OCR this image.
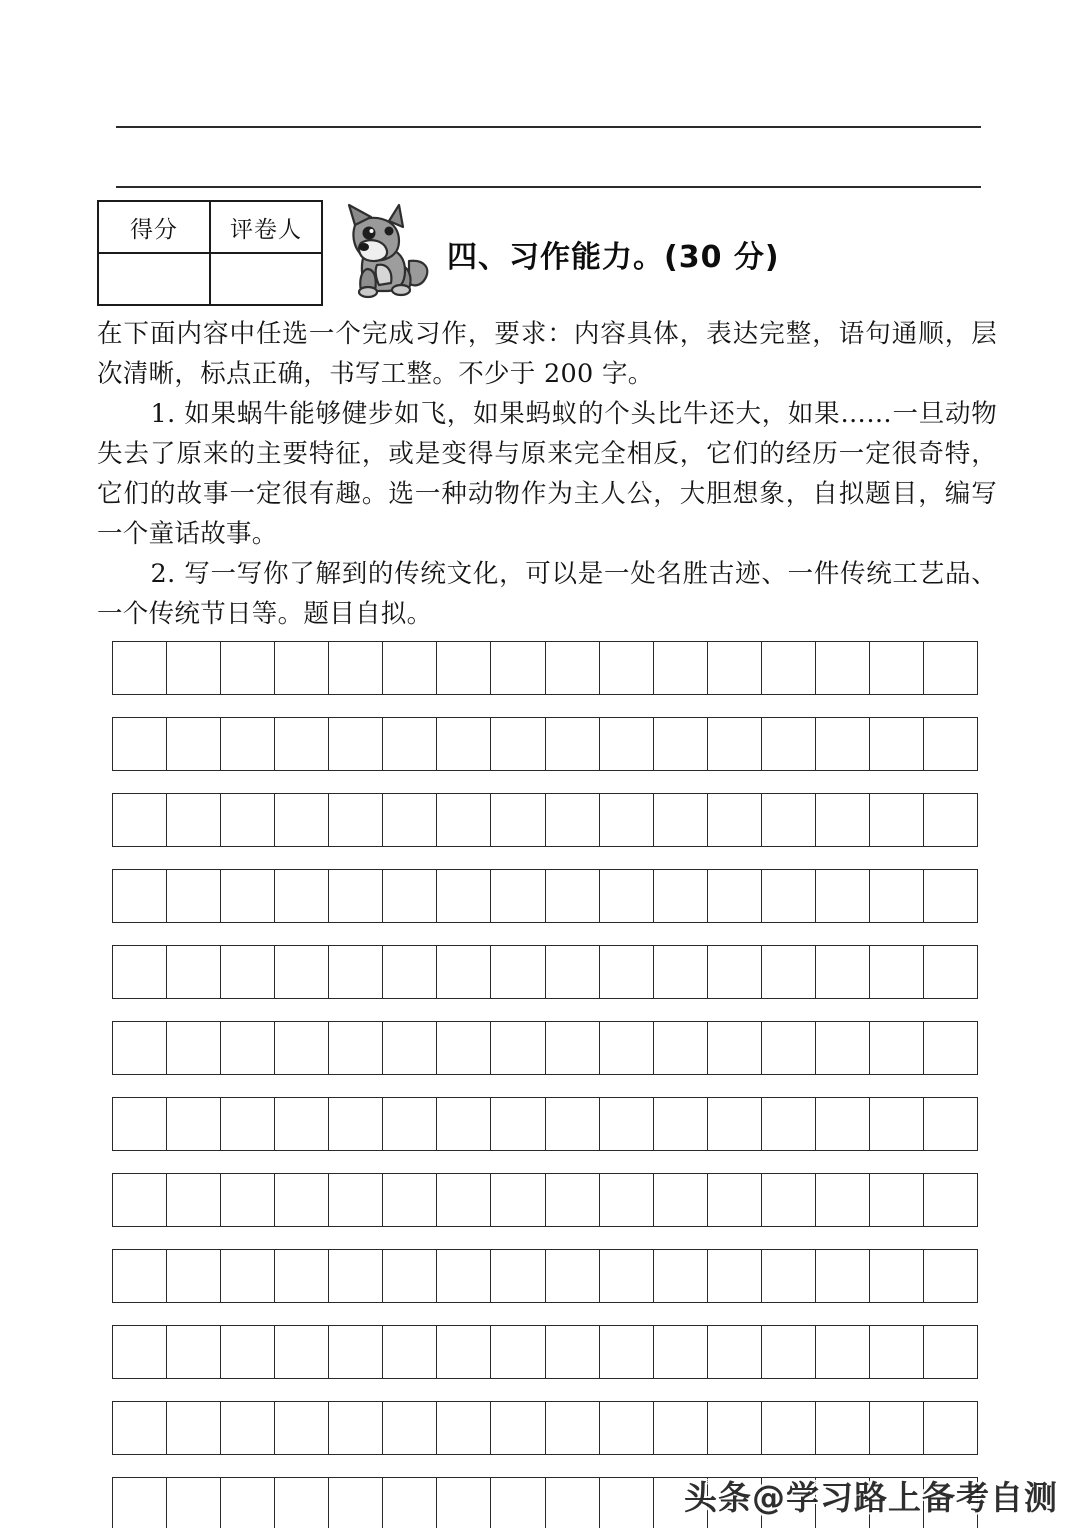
得分	评卷人
四、习作能力。(30 分)

在下面内容中任选一个完成习作，要求：内容具体，表达完整，语句通顺，层次清晰，标点正确，书写工整。不少于 200 字。

1. 如果蜗牛能够健步如飞，如果蚂蚁的个头比牛还大，如果……一旦动物失去了原来的主要特征，或是变得与原来完全相反，它们的经历一定很奇特，它们的故事一定很有趣。选一种动物作为主人公，大胆想象，自拟题目，编写一个童话故事。

2. 写一写你了解到的传统文化，可以是一处名胜古迹、一件传统工艺品、一个传统节日等。题目自拟。

头条@学习路上备考自测
